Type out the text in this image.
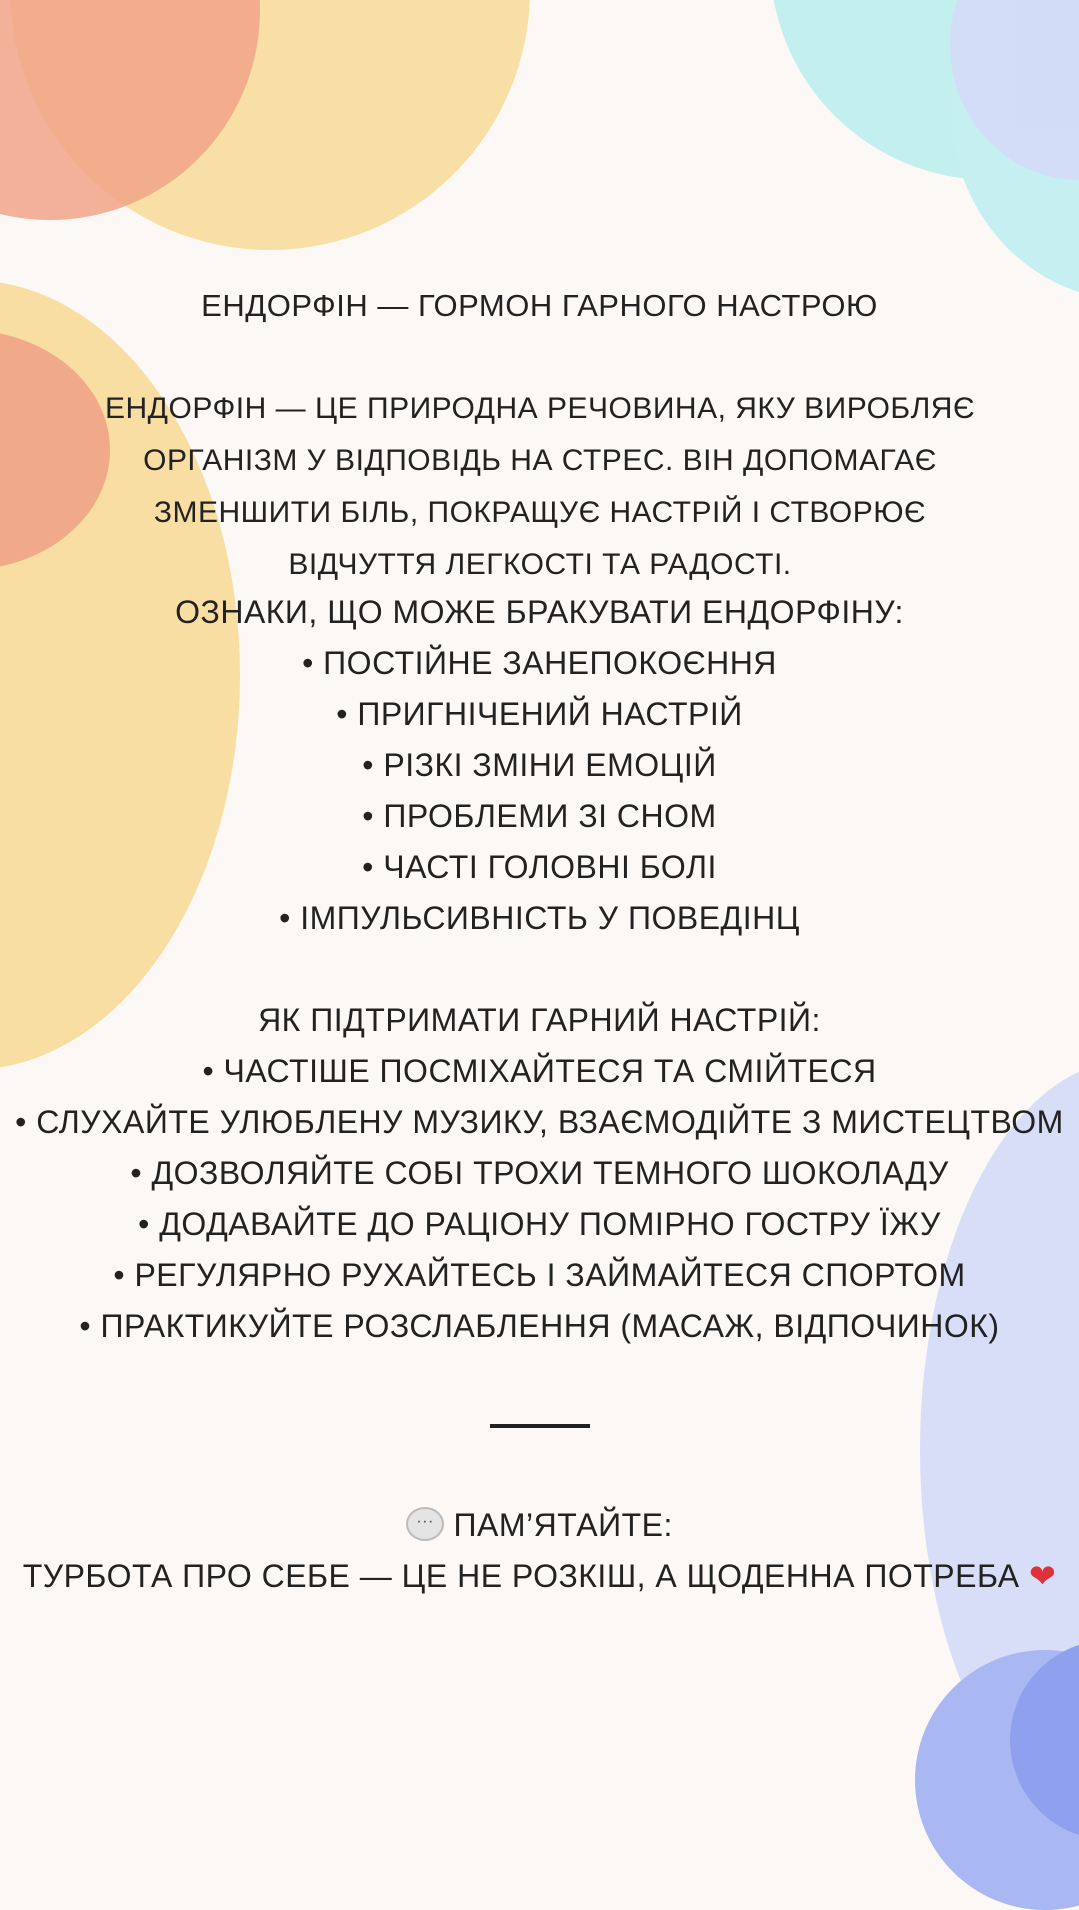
ЕНДОРФІН — ГОРМОН ГАРНОГО НАСТРОЮ

ЕНДОРФІН — ЦЕ ПРИРОДНА РЕЧОВИНА, ЯКУ ВИРОБЛЯЄ ОРГАНІЗМ У ВІДПОВІДЬ НА СТРЕС. ВІН ДОПОМАГАЄ ЗМЕНШИТИ БІЛЬ, ПОКРАЩУЄ НАСТРІЙ І СТВОРЮЄ ВІДЧУТТЯ ЛЕГКОСТІ ТА РАДОСТІ.

ОЗНАКИ, ЩО МОЖЕ БРАКУВАТИ ЕНДОРФІНУ:

• ПОСТІЙНЕ ЗАНЕПОКОЄННЯ

• ПРИГНІЧЕНИЙ НАСТРІЙ

• РІЗКІ ЗМІНИ ЕМОЦІЙ

• ПРОБЛЕМИ ЗІ СНОМ

• ЧАСТІ ГОЛОВНІ БОЛІ

• ІМПУЛЬСИВНІСТЬ У ПОВЕДІНЦ

ЯК ПІДТРИМАТИ ГАРНИЙ НАСТРІЙ:

• ЧАСТІШЕ ПОСМІХАЙТЕСЯ ТА СМІЙТЕСЯ

• СЛУХАЙТЕ УЛЮБЛЕНУ МУЗИКУ, ВЗАЄМОДІЙТЕ З МИСТЕЦТВОМ

• ДОЗВОЛЯЙТЕ СОБІ ТРОХИ ТЕМНОГО ШОКОЛАДУ

• ДОДАВАЙТЕ ДО РАЦІОНУ ПОМІРНО ГОСТРУ ЇЖУ

• РЕГУЛЯРНО РУХАЙТЕСЬ І ЗАЙМАЙТЕСЯ СПОРТОМ

• ПРАКТИКУЙТЕ РОЗСЛАБЛЕННЯ (МАСАЖ, ВІДПОЧИНОК)

··· ПАМ’ЯТАЙТЕ:

ТУРБОТА ПРО СЕБЕ — ЦЕ НЕ РОЗКІШ, А ЩОДЕННА ПОТРЕБА ❤
